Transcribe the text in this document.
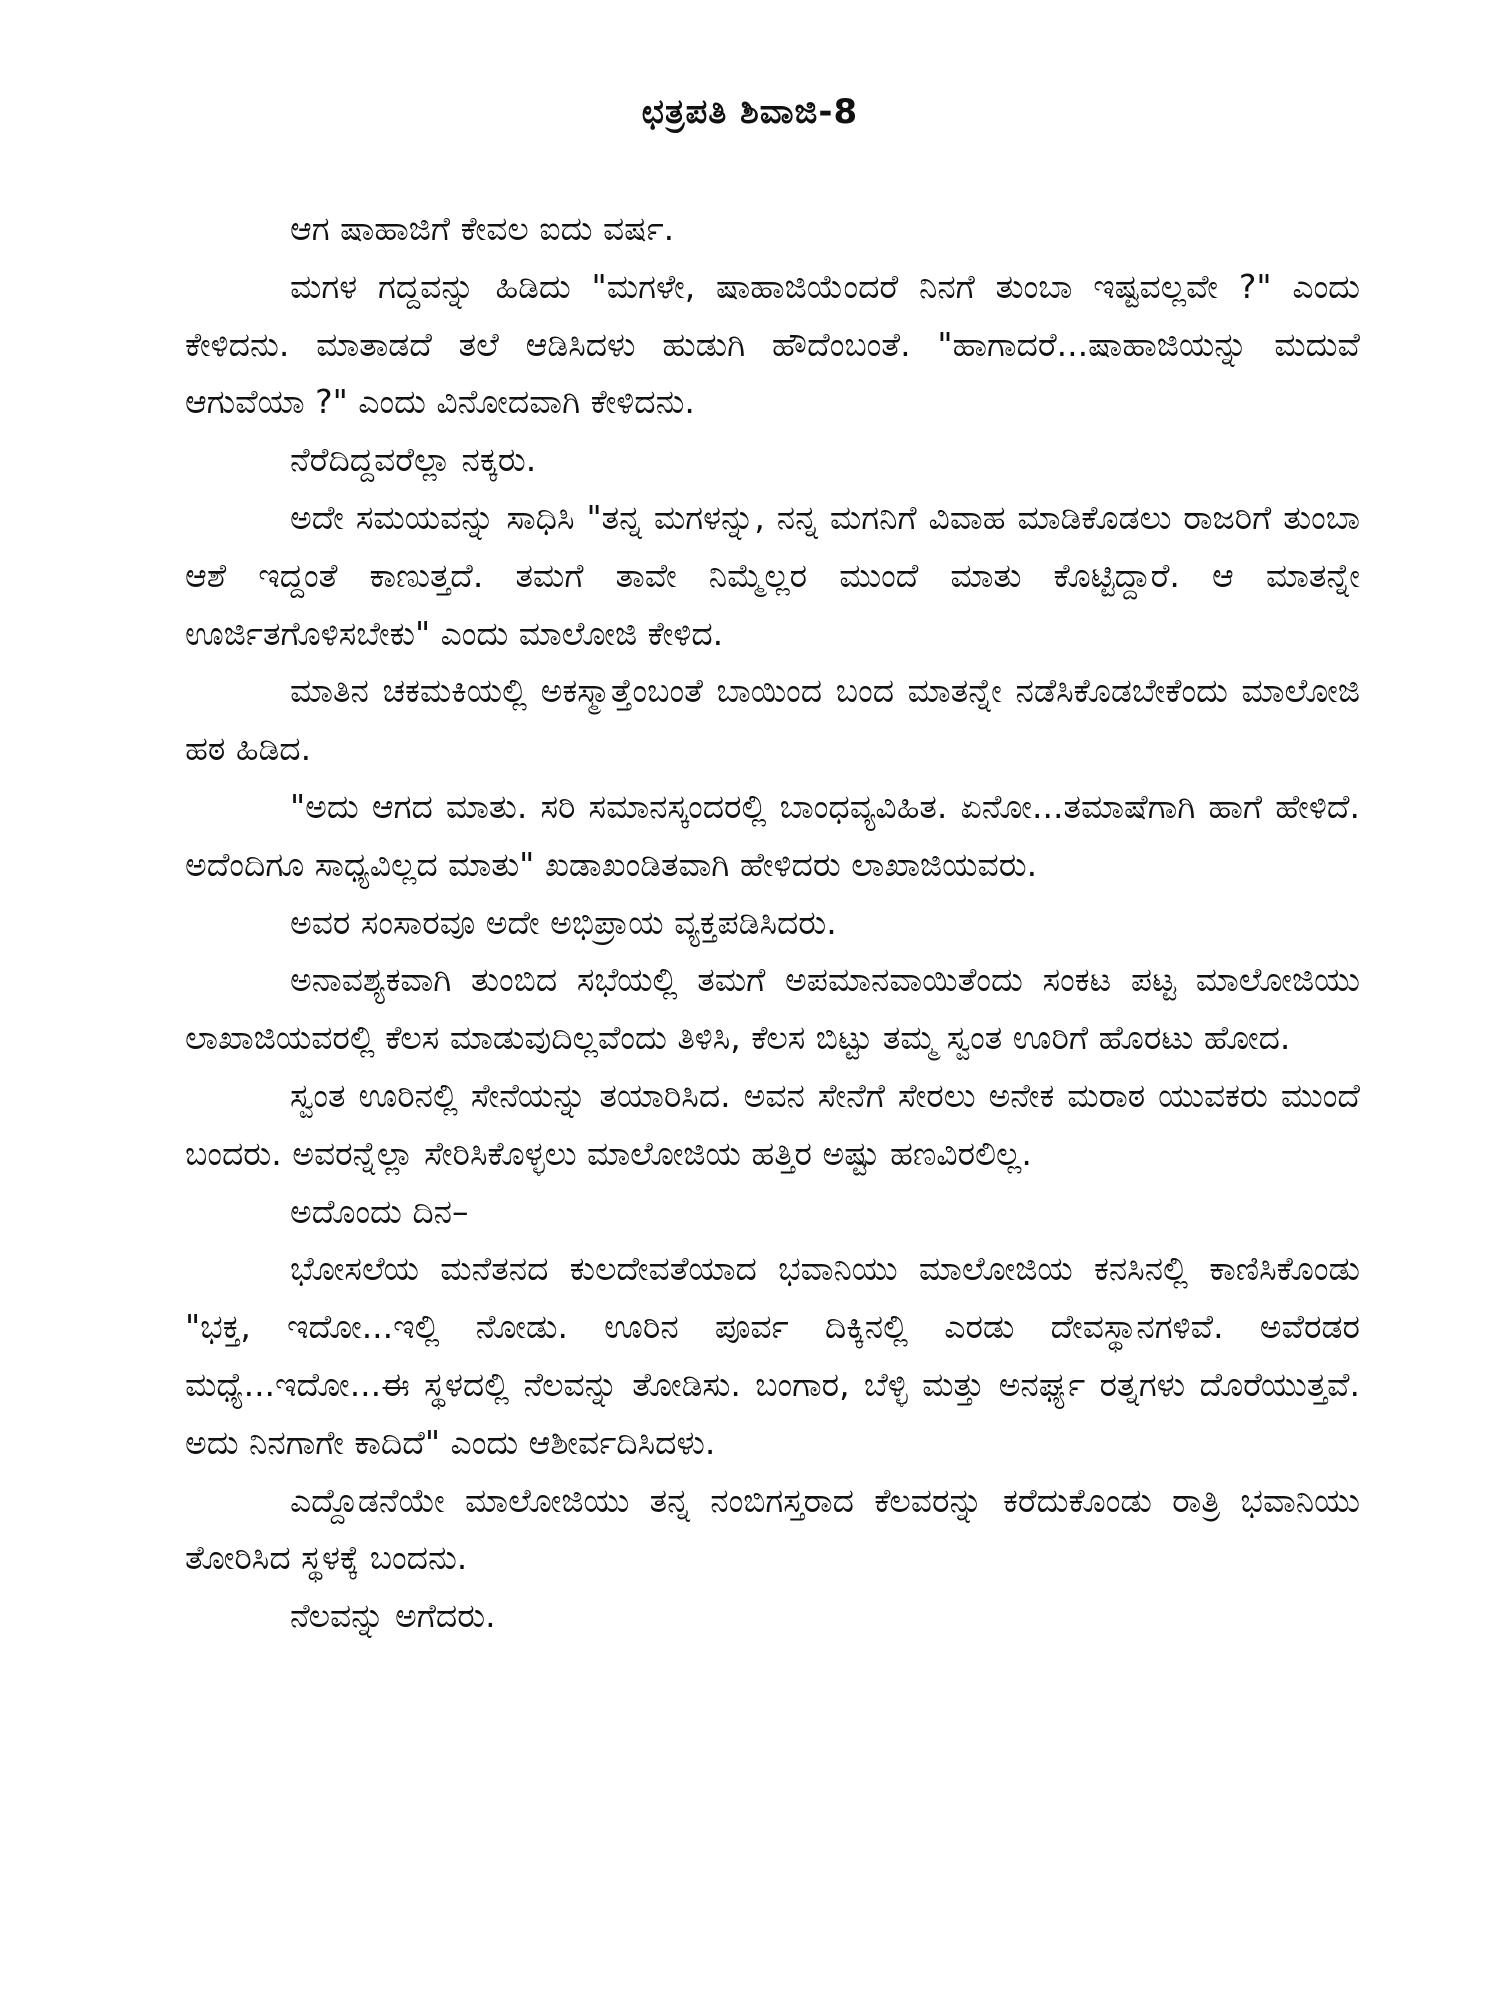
ಛತ್ರಪತಿ ಶಿವಾಜಿ-8

ಆಗ ಷಾಹಾಜಿಗೆ ಕೇವಲ ಐದು ವರ್ಷ.

ಮಗಳ ಗದ್ದವನ್ನು ಹಿಡಿದು "ಮಗಳೇ, ಷಾಹಾಜಿಯೆಂದರೆ ನಿನಗೆ ತುಂಬಾ ಇಷ್ಟವಲ್ಲವೇ ?" ಎಂದು ಕೇಳಿದನು. ಮಾತಾಡದೆ ತಲೆ ಆಡಿಸಿದಳು ಹುಡುಗಿ ಹೌದೆಂಬಂತೆ. "ಹಾಗಾದರೆ...ಷಾಹಾಜಿಯನ್ನು ಮದುವೆ ಆಗುವೆಯಾ ?" ಎಂದು ವಿನೋದವಾಗಿ ಕೇಳಿದನು.

ನೆರೆದಿದ್ದವರೆಲ್ಲಾ ನಕ್ಕರು.

ಅದೇ ಸಮಯವನ್ನು ಸಾಧಿಸಿ "ತನ್ನ ಮಗಳನ್ನು, ನನ್ನ ಮಗನಿಗೆ ವಿವಾಹ ಮಾಡಿಕೊಡಲು ರಾಜರಿಗೆ ತುಂಬಾ ಆಶೆ ಇದ್ದಂತೆ ಕಾಣುತ್ತದೆ. ತಮಗೆ ತಾವೇ ನಿಮ್ಮೆಲ್ಲರ ಮುಂದೆ ಮಾತು ಕೊಟ್ಟಿದ್ದಾರೆ. ಆ ಮಾತನ್ನೇ ಊರ್ಜಿತಗೊಳಿಸಬೇಕು" ಎಂದು ಮಾಲೋಜಿ ಕೇಳಿದ.

ಮಾತಿನ ಚಕಮಕಿಯಲ್ಲಿ ಅಕಸ್ಮಾತ್ತೆಂಬಂತೆ ಬಾಯಿಂದ ಬಂದ ಮಾತನ್ನೇ ನಡೆಸಿಕೊಡಬೇಕೆಂದು ಮಾಲೋಜಿ ಹಠ ಹಿಡಿದ.

"ಅದು ಆಗದ ಮಾತು. ಸರಿ ಸಮಾನಸ್ಕಂದರಲ್ಲಿ ಬಾಂಧವ್ಯವಿಹಿತ. ಏನೋ...ತಮಾಷೆಗಾಗಿ ಹಾಗೆ ಹೇಳಿದೆ. ಅದೆಂದಿಗೂ ಸಾಧ್ಯವಿಲ್ಲದ ಮಾತು" ಖಡಾಖಂಡಿತವಾಗಿ ಹೇಳಿದರು ಲಾಖಾಜಿಯವರು.

ಅವರ ಸಂಸಾರವೂ ಅದೇ ಅಭಿಪ್ರಾಯ ವ್ಯಕ್ತಪಡಿಸಿದರು.

ಅನಾವಶ್ಯಕವಾಗಿ ತುಂಬಿದ ಸಭೆಯಲ್ಲಿ ತಮಗೆ ಅಪಮಾನವಾಯಿತೆಂದು ಸಂಕಟ ಪಟ್ಟ ಮಾಲೋಜಿಯು ಲಾಖಾಜಿಯವರಲ್ಲಿ ಕೆಲಸ ಮಾಡುವುದಿಲ್ಲವೆಂದು ತಿಳಿಸಿ, ಕೆಲಸ ಬಿಟ್ಟು ತಮ್ಮ ಸ್ವಂತ ಊರಿಗೆ ಹೊರಟು ಹೋದ.

ಸ್ವಂತ ಊರಿನಲ್ಲಿ ಸೇನೆಯನ್ನು ತಯಾರಿಸಿದ. ಅವನ ಸೇನೆಗೆ ಸೇರಲು ಅನೇಕ ಮರಾಠ ಯುವಕರು ಮುಂದೆ ಬಂದರು. ಅವರನ್ನೆಲ್ಲಾ ಸೇರಿಸಿಕೊಳ್ಳಲು ಮಾಲೋಜಿಯ ಹತ್ತಿರ ಅಷ್ಟು ಹಣವಿರಲಿಲ್ಲ.

ಅದೊಂದು ದಿನ–

ಭೋಸಲೆಯ ಮನೆತನದ ಕುಲದೇವತೆಯಾದ ಭವಾನಿಯು ಮಾಲೋಜಿಯ ಕನಸಿನಲ್ಲಿ ಕಾಣಿಸಿಕೊಂಡು "ಭಕ್ತ, ಇದೋ...ಇಲ್ಲಿ ನೋಡು. ಊರಿನ ಪೂರ್ವ ದಿಕ್ಕಿನಲ್ಲಿ ಎರಡು ದೇವಸ್ಥಾನಗಳಿವೆ. ಅವೆರಡರ ಮಧ್ಯೆ...ಇದೋ...ಈ ಸ್ಥಳದಲ್ಲಿ ನೆಲವನ್ನು ತೋಡಿಸು. ಬಂಗಾರ, ಬೆಳ್ಳಿ ಮತ್ತು ಅನರ್ಘ್ಯ ರತ್ನಗಳು ದೊರೆಯುತ್ತವೆ. ಅದು ನಿನಗಾಗೇ ಕಾದಿದೆ" ಎಂದು ಆಶೀರ್ವದಿಸಿದಳು.

ಎದ್ದೊಡನೆಯೇ ಮಾಲೋಜಿಯು ತನ್ನ ನಂಬಿಗಸ್ತರಾದ ಕೆಲವರನ್ನು ಕರೆದುಕೊಂಡು ರಾತ್ರಿ ಭವಾನಿಯು ತೋರಿಸಿದ ಸ್ಥಳಕ್ಕೆ ಬಂದನು.

ನೆಲವನ್ನು ಅಗೆದರು.
